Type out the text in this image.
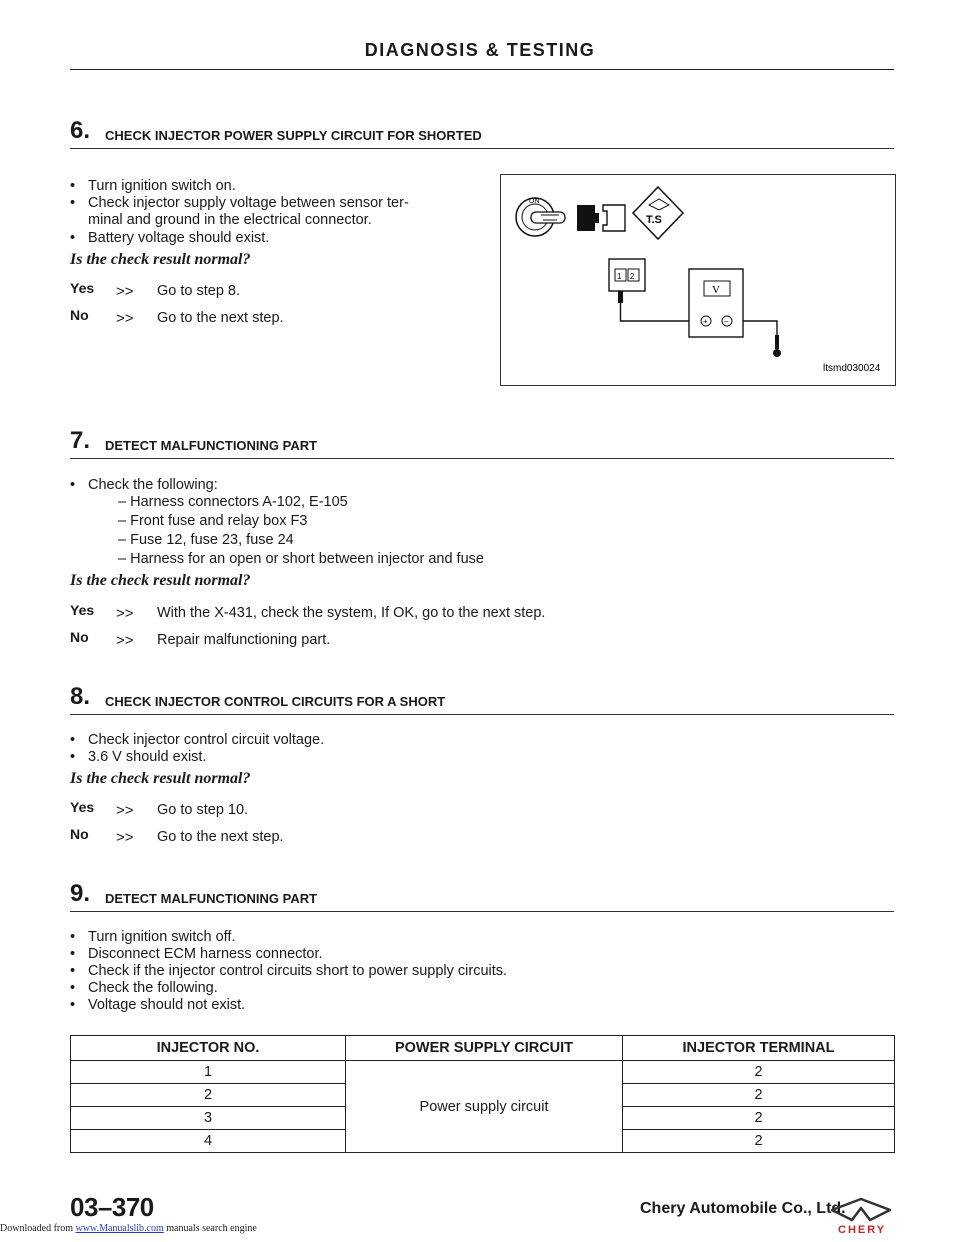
DIAGNOSIS & TESTING
6. CHECK INJECTOR POWER SUPPLY CIRCUIT FOR SHORTED
• Turn ignition switch on.
• Check injector supply voltage between sensor ter-
minal and ground in the electrical connector.
• Battery voltage should exist.
Is the check result normal?
Yes >> Go to step 8.
No >> Go to the next step.
ON
T.S
1 2
V
+ –
ltsmd030024
7. DETECT MALFUNCTIONING PART
• Check the following:
– Harness connectors A-102, E-105
– Front fuse and relay box F3
– Fuse 12, fuse 23, fuse 24
– Harness for an open or short between injector and fuse
Is the check result normal?
Yes >> With the X-431, check the system, If OK, go to the next step.
No >> Repair malfunctioning part.
8. CHECK INJECTOR CONTROL CIRCUITS FOR A SHORT
• Check injector control circuit voltage.
• 3.6 V should exist.
Is the check result normal?
Yes >> Go to step 10.
No >> Go to the next step.
9. DETECT MALFUNCTIONING PART
• Turn ignition switch off.
• Disconnect ECM harness connector.
• Check if the injector control circuits short to power supply circuits.
• Check the following.
• Voltage should not exist.
INJECTOR NO.	POWER SUPPLY CIRCUIT	INJECTOR TERMINAL
1	Power supply circuit	2
2		2
3		2
4		2
03–370	Chery Automobile Co., Ltd.
CHERY
Downloaded from www.Manualslib.com manuals search engine
